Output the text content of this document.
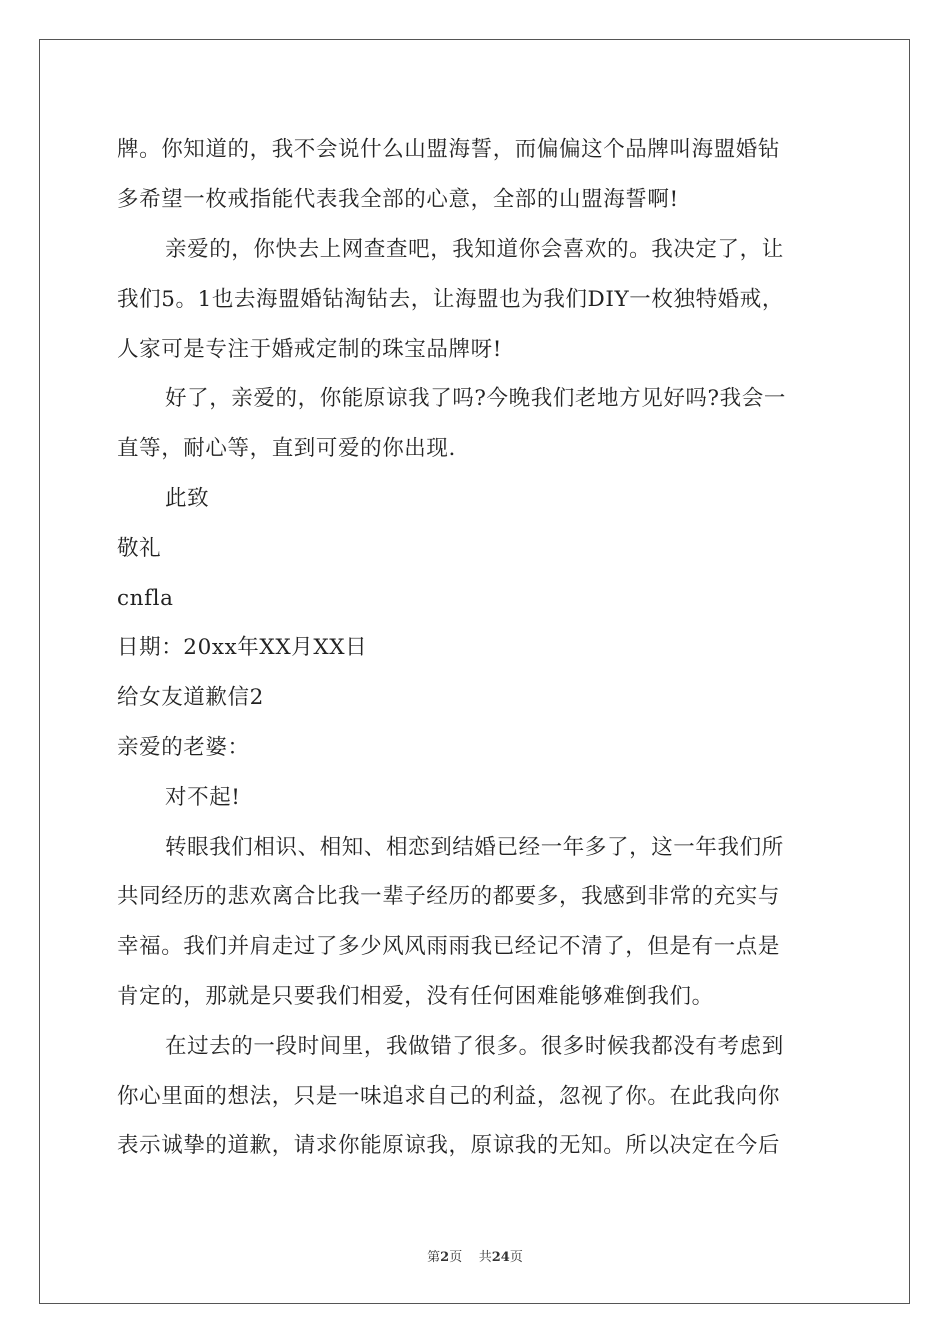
牌。你知道的，我不会说什么山盟海誓，而偏偏这个品牌叫海盟婚钻

多希望一枚戒指能代表我全部的心意，全部的山盟海誓啊!

亲爱的，你快去上网查查吧，我知道你会喜欢的。我决定了，让

我们5。1也去海盟婚钻淘钻去，让海盟也为我们DIY一枚独特婚戒，

人家可是专注于婚戒定制的珠宝品牌呀!

好了，亲爱的，你能原谅我了吗?今晚我们老地方见好吗?我会一

直等，耐心等，直到可爱的你出现.

此致

敬礼

cnfla

日期：20xx年XX月XX日

给女友道歉信2

亲爱的老婆：

对不起!

转眼我们相识、相知、相恋到结婚已经一年多了，这一年我们所

共同经历的悲欢离合比我一辈子经历的都要多，我感到非常的充实与

幸福。我们并肩走过了多少风风雨雨我已经记不清了，但是有一点是

肯定的，那就是只要我们相爱，没有任何困难能够难倒我们。

在过去的一段时间里，我做错了很多。很多时候我都没有考虑到

你心里面的想法，只是一味追求自己的利益，忽视了你。在此我向你

表示诚挚的道歉，请求你能原谅我，原谅我的无知。所以决定在今后

第2页 共24页
